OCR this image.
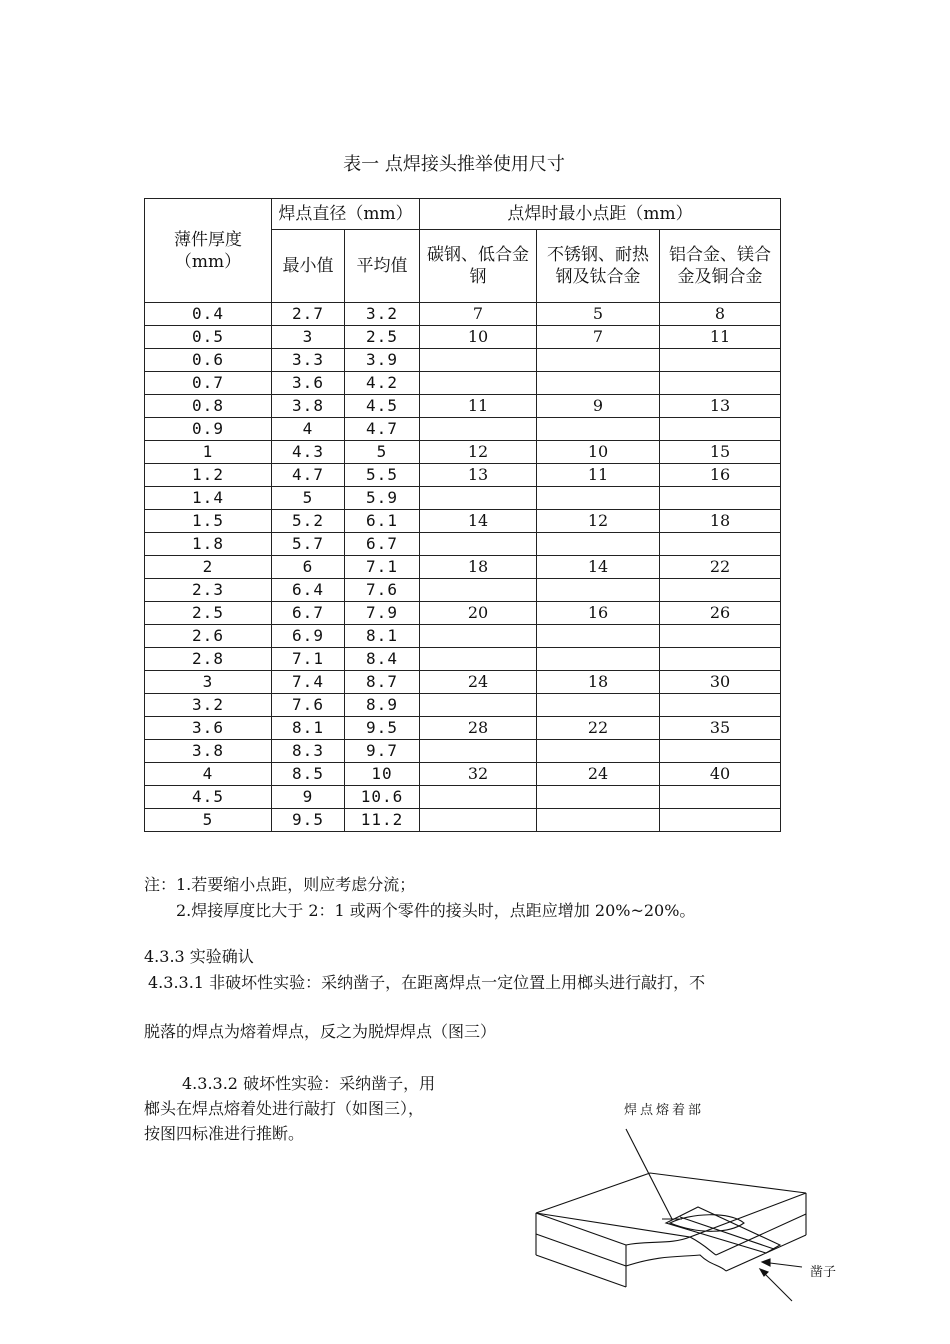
表一 点焊接头推举使用尺寸
薄件厚度（mm）	焊点直径（mm）		点焊时最小点距（mm）		
	最小值	平均值	碳钢、低合金钢	不锈钢、耐热钢及钛合金	铝合金、镁合金及铜合金
0.4	2.7	3.2	7	5	8
0.5	3	2.5	10	7	11
0.6	3.3	3.9			
0.7	3.6	4.2			
0.8	3.8	4.5	11	9	13
0.9	4	4.7			
1	4.3	5	12	10	15
1.2	4.7	5.5	13	11	16
1.4	5	5.9			
1.5	5.2	6.1	14	12	18
1.8	5.7	6.7			
2	6	7.1	18	14	22
2.3	6.4	7.6			
2.5	6.7	7.9	20	16	26
2.6	6.9	8.1			
2.8	7.1	8.4			
3	7.4	8.7	24	18	30
3.2	7.6	8.9			
3.6	8.1	9.5	28	22	35
3.8	8.3	9.7			
4	8.5	10	32	24	40
4.5	9	10.6			
5	9.5	11.2			
注：1.若要缩小点距，则应考虑分流；
2.焊接厚度比大于 2：1 或两个零件的接头时，点距应增加 20%~20%。
4.3.3 实验确认
4.3.3.1 非破坏性实验：采纳凿子，在距离焊点一定位置上用榔头进行敲打，不
脱落的焊点为熔着焊点，反之为脱焊焊点（图三）
4.3.3.2 破坏性实验：采纳凿子，用
榔头在焊点熔着处进行敲打（如图三），
按图四标准进行推断。
焊点熔着部
凿子
